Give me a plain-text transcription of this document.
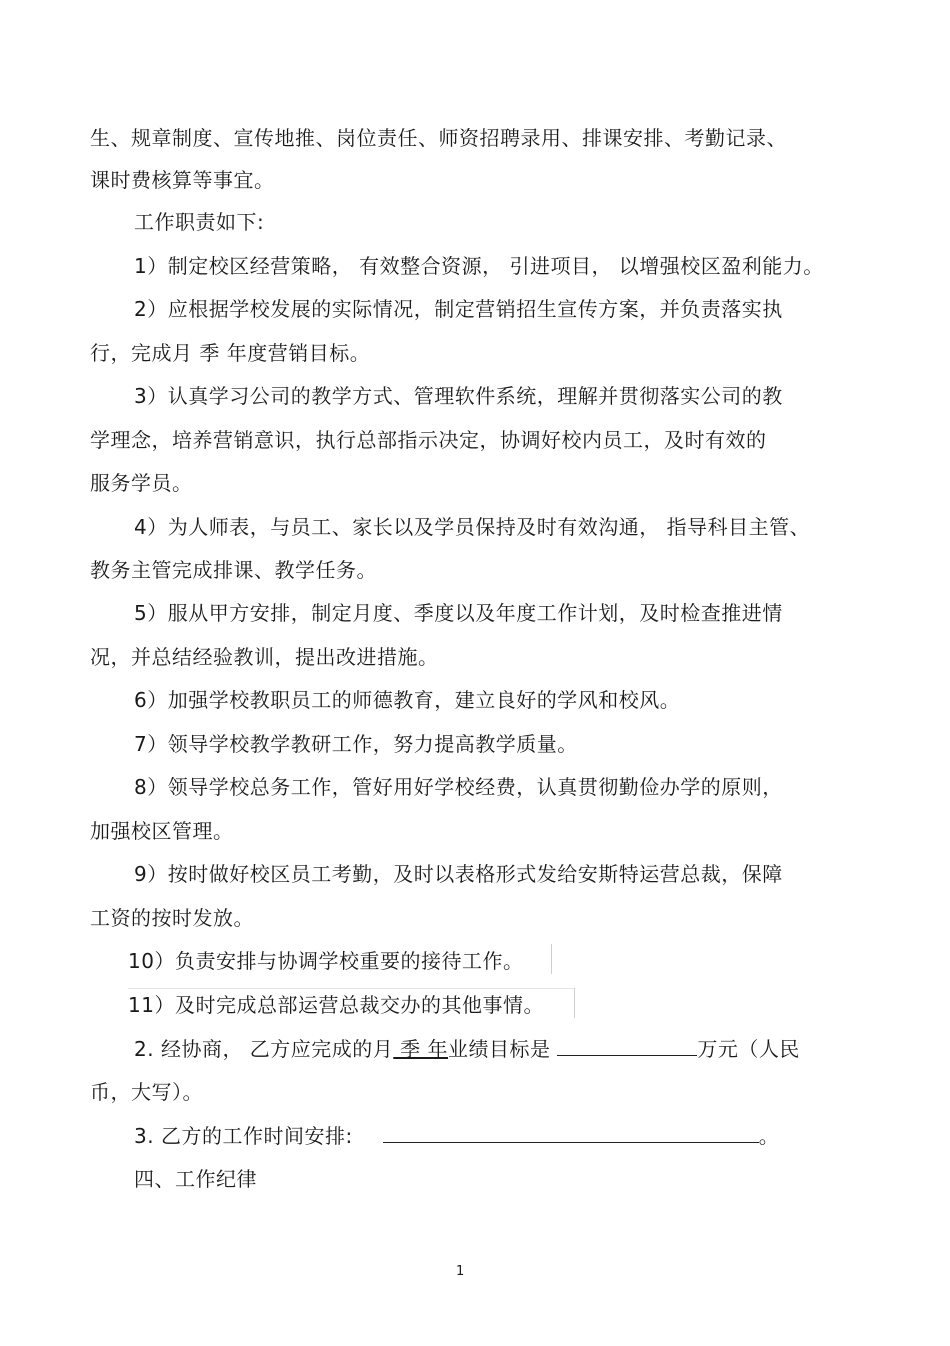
生、规章制度、宣传地推、岗位责任、师资招聘录用、排课安排、考勤记录、
课时费核算等事宜。
工作职责如下:
1）制定校区经营策略， 有效整合资源， 引进项目， 以增强校区盈利能力。
2）应根据学校发展的实际情况，制定营销招生宣传方案，并负责落实执
行，完成月 季 年度营销目标。
3）认真学习公司的教学方式、管理软件系统，理解并贯彻落实公司的教
学理念，培养营销意识，执行总部指示决定，协调好校内员工，及时有效的
服务学员。
4）为人师表，与员工、家长以及学员保持及时有效沟通， 指导科目主管、
教务主管完成排课、教学任务。
5）服从甲方安排，制定月度、季度以及年度工作计划，及时检查推进情
况，并总结经验教训，提出改进措施。
6）加强学校教职员工的师德教育，建立良好的学风和校风。
7）领导学校教学教研工作，努力提高教学质量。
8）领导学校总务工作，管好用好学校经费，认真贯彻勤俭办学的原则，
加强校区管理。
9）按时做好校区员工考勤，及时以表格形式发给安斯特运营总裁，保障
工资的按时发放。
10）负责安排与协调学校重要的接待工作。
11）及时完成总部运营总裁交办的其他事情。
2. 经协商， 乙方应完成的月 季 年业绩目标是	万元（人民
币，大写）。
3. 乙方的工作时间安排:	。
四、工作纪律
1
